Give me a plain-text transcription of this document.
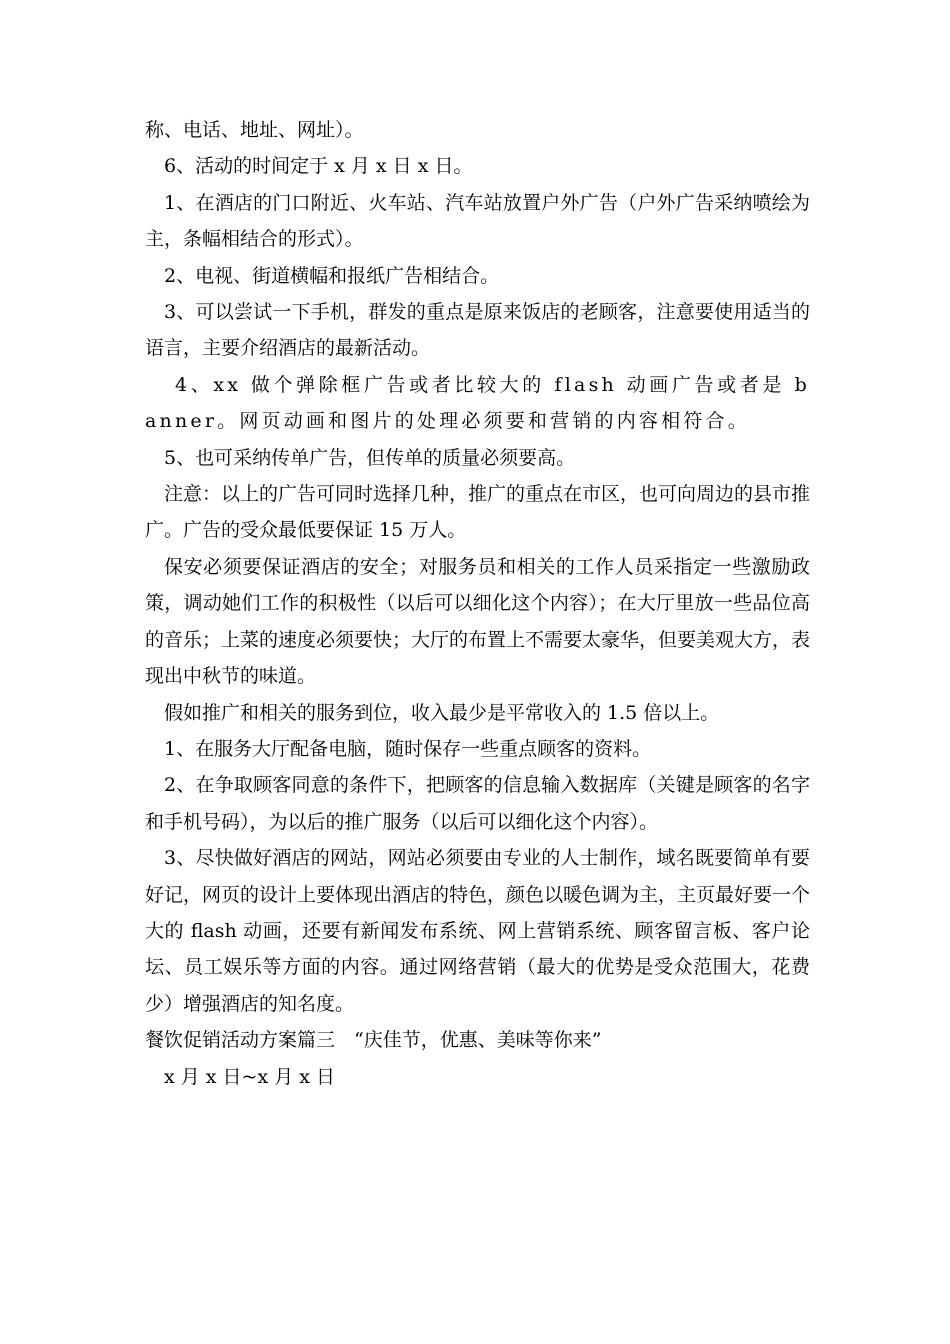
称、电话、地址、网址）。

6、活动的时间定于 x 月 x 日 x 日。

1、在酒店的门口附近、火车站、汽车站放置户外广告（户外广告采纳喷绘为主，条幅相结合的形式）。

2、电视、街道横幅和报纸广告相结合。

3、可以尝试一下手机，群发的重点是原来饭店的老顾客，注意要使用适当的语言，主要介绍酒店的最新活动。

4、xx 做个弹除框广告或者比较大的 flash 动画广告或者是 banner。网页动画和图片的处理必须要和营销的内容相符合。

5、也可采纳传单广告，但传单的质量必须要高。

注意：以上的广告可同时选择几种，推广的重点在市区，也可向周边的县市推广。广告的受众最低要保证 15 万人。

保安必须要保证酒店的安全；对服务员和相关的工作人员采指定一些激励政策，调动她们工作的积极性（以后可以细化这个内容）；在大厅里放一些品位高的音乐；上菜的速度必须要快；大厅的布置上不需要太豪华，但要美观大方，表现出中秋节的味道。

假如推广和相关的服务到位，收入最少是平常收入的 1.5 倍以上。

1、在服务大厅配备电脑，随时保存一些重点顾客的资料。

2、在争取顾客同意的条件下，把顾客的信息输入数据库（关键是顾客的名字和手机号码），为以后的推广服务（以后可以细化这个内容）。

3、尽快做好酒店的网站，网站必须要由专业的人士制作，域名既要简单有要好记，网页的设计上要体现出酒店的特色，颜色以暖色调为主，主页最好要一个大的 flash 动画，还要有新闻发布系统、网上营销系统、顾客留言板、客户论坛、员工娱乐等方面的内容。通过网络营销（最大的优势是受众范围大，花费少）增强酒店的知名度。

餐饮促销活动方案篇三　“庆佳节，优惠、美味等你来”

x 月 x 日~x 月 x 日
